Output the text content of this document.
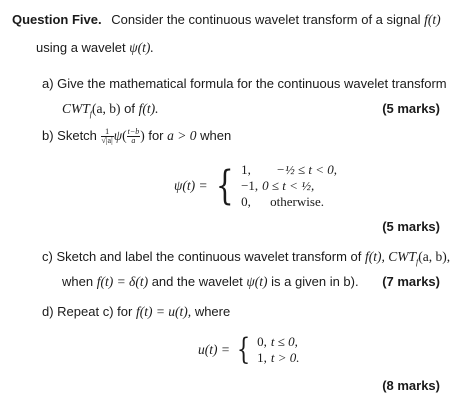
Question Five. Consider the continuous wavelet transform of a signal f(t)
using a wavelet ψ(t).
a) Give the mathematical formula for the continuous wavelet transform
$CWT_f(a$, b) of f(t).	(5 marks)
b) Sketch $\frac{1}{√|a|} \psi( \frac{t-b}{a}$ ) for a > 0 when
ψ(t) = { 1,	−½ ≤ t < 0,
−1,	0 ≤ t < ½,
0,	otherwise.
(5 marks)
c) Sketch and label the continuous wavelet transform of f(t), $CWT_f(a$, b),
when f(t) = δ(t) and the wavelet ψ(t) is a given in b). (7 marks)
d) Repeat c) for f(t) = u(t), where
u(t) = { 0,	t ≤ 0,
1,	t > 0.
(8 marks)
